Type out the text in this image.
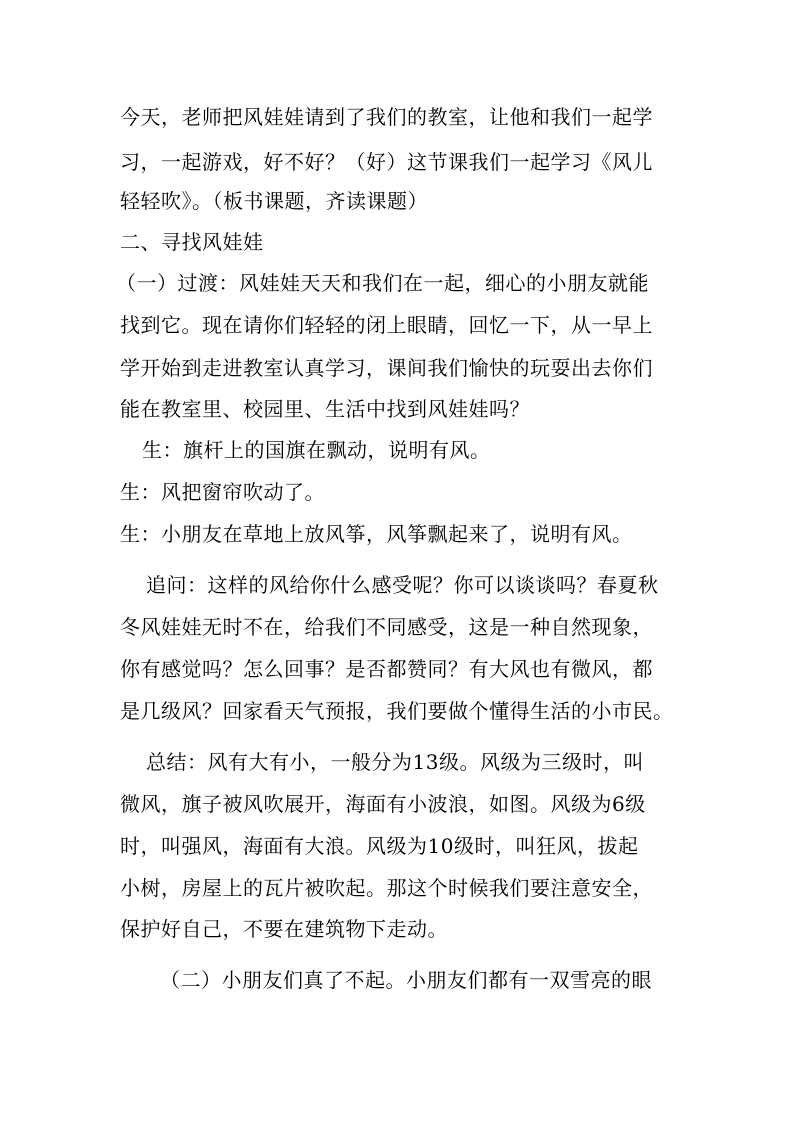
今天，老师把风娃娃请到了我们的教室，让他和我们一起学
习，一起游戏，好不好？（好）这节课我们一起学习《风儿
轻轻吹》。（板书课题，齐读课题）
二、寻找风娃娃
（一）过渡：风娃娃天天和我们在一起，细心的小朋友就能
找到它。现在请你们轻轻的闭上眼睛，回忆一下，从一早上
学开始到走进教室认真学习，课间我们愉快的玩耍出去你们
能在教室里、校园里、生活中找到风娃娃吗？
生：旗杆上的国旗在飘动，说明有风。
生：风把窗帘吹动了。
生：小朋友在草地上放风筝，风筝飘起来了，说明有风。
追问：这样的风给你什么感受呢？你可以谈谈吗？春夏秋
冬风娃娃无时不在，给我们不同感受，这是一种自然现象，
你有感觉吗？怎么回事？是否都赞同？有大风也有微风，都
是几级风？回家看天气预报，我们要做个懂得生活的小市民。
总结：风有大有小，一般分为13级。风级为三级时，叫
微风，旗子被风吹展开，海面有小波浪，如图。风级为6级
时，叫强风，海面有大浪。风级为10级时，叫狂风，拔起
小树，房屋上的瓦片被吹起。那这个时候我们要注意安全，
保护好自己，不要在建筑物下走动。
（二）小朋友们真了不起。小朋友们都有一双雪亮的眼
